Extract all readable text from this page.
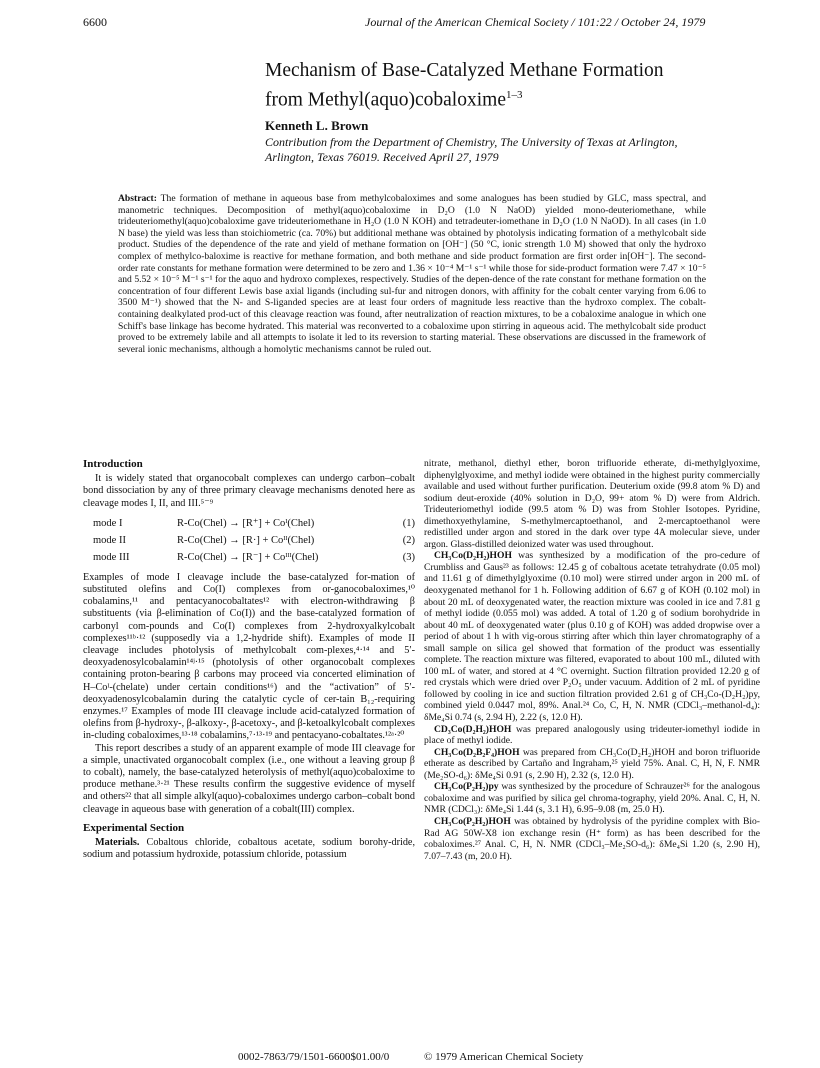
6600	Journal of the American Chemical Society / 101:22 / October 24, 1979
Mechanism of Base-Catalyzed Methane Formation
from Methyl(aquo)cobaloxime$^{1-3}$
Kenneth L. Brown
Contribution from the Department of Chemistry, The University of Texas at Arlington,
Arlington, Texas 76019. Received April 27, 1979
Abstract: The formation of methane in aqueous base from methylcobaloximes and some analogues has been studied by GLC, mass spectral, and manometric techniques. Decomposition of methyl(aquo)cobaloxime in D₂O (1.0 N NaOD) yielded mono-deuteriomethane, while trideuteriomethyl(aquo)cobaloxime gave trideuteriomethane in H₂O (1.0 N KOH) and tetradeuter-iomethane in D₂O (1.0 N NaOD). In all cases (in 1.0 N base) the yield was less than stoichiometric (ca. 70%) but additional methane was obtained by photolysis indicating formation of a methylcobalt side product. Studies of the dependence of the rate and yield of methane formation on [OH⁻] (50 °C, ionic strength 1.0 M) showed that only the hydroxo complex of methylco-baloxime is reactive for methane formation, and both methane and side product formation are first order in[OH⁻]. The second-order rate constants for methane formation were determined to be zero and 1.36 × 10⁻⁴ M⁻¹ s⁻¹ while those for side-product formation were 7.47 × 10⁻⁵ and 5.52 × 10⁻⁵ M⁻¹ s⁻¹ for the aquo and hydroxo complexes, respectively. Studies of the depen-dence of the rate constant for methane formation on the concentration of four different Lewis base axial ligands (including sul-fur and nitrogen donors, with affinity for the cobalt center varying from 6.06 to 3500 M⁻¹) showed that the N- and S-liganded species are at least four orders of magnitude less reactive than the hydroxo complex. The cobalt-containing dealkylated prod-uct of this cleavage reaction was found, after neutralization of reaction mixtures, to be a cobaloxime analogue in which one Schiff's base linkage has become hydrated. This material was reconverted to a cobaloxime upon stirring in aqueous acid. The methylcobalt side product proved to be extremely labile and all attempts to isolate it led to its reversion to starting material. These observations are discussed in the framework of several ionic mechanisms, although a homolytic mechanisms cannot be ruled out.
Introduction

It is widely stated that organocobalt complexes can undergo carbon–cobalt bond dissociation by any of three primary cleavage mechanisms denoted here as cleavage modes I, II, and III.⁵⁻⁹

mode I	R-Co(Chel) → [R⁺] + Coᴵ(Chel)	(1)
mode II	R-Co(Chel) → [R·] + Coᴵᴵ(Chel)	(2)
mode III	R-Co(Chel) → [R⁻] + Coᴵᴵᴵ(Chel)	(3)

Examples of mode I cleavage include the base-catalyzed for-mation of substituted olefins and Co(I) complexes from or-ganocobaloximes,¹⁰ cobalamins,¹¹ and pentacyanocobaltates¹² with electron-withdrawing β substituents (via β-elimination of Co(I)) and the base-catalyzed formation of carbonyl com-pounds and Co(I) complexes from 2-hydroxyalkylcobalt complexes¹¹ᵇ·¹² (supposedly via a 1,2-hydride shift). Examples of mode II cleavage includes photolysis of methylcobalt com-plexes,⁴·¹⁴ and 5′-deoxyadenosylcobalamin¹⁴ʲ·¹⁵ (photolysis of other organocobalt complexes containing proton-bearing β carbons may proceed via concerted elimination of H–Coᴵ-(chelate) under certain conditions¹⁶) and the “activation” of 5′-deoxyadenosylcobalamin during the catalytic cycle of cer-tain B₁₂-requiring enzymes.¹⁷ Examples of mode III cleavage include acid-catalyzed formation of olefins from β-hydroxy-, β-alkoxy-, β-acetoxy-, and β-ketoalkylcobalt complexes in-cluding cobaloximes,¹³·¹⁸ cobalamins,⁷·¹³·¹⁹ and pentacyano-cobaltates.¹²ᵃ·²⁰

This report describes a study of an apparent example of mode III cleavage for a simple, unactivated organocobalt complex (i.e., one without a leaving group β to cobalt), namely, the base-catalyzed heterolysis of methyl(aquo)cobaloxime to produce methane.³·²¹ These results confirm the suggestive evidence of myself and others²² that all simple alkyl(aquo)-cobaloximes undergo carbon–cobalt bond cleavage in aqueous base with generation of a cobalt(III) complex.

Experimental Section

Materials. Cobaltous chloride, cobaltous acetate, sodium borohy-dride, sodium and potassium hydroxide, potassium chloride, potassium

nitrate, methanol, diethyl ether, boron trifluoride etherate, di-methylglyoxime, diphenylglyoxime, and methyl iodide were obtained in the highest purity commercially available and used without further purification. Deuterium oxide (99.8 atom % D) and sodium deut-eroxide (40% solution in D₂O, 99+ atom % D) were from Aldrich. Trideuteriomethyl iodide (99.5 atom % D) was from Stohler Isotopes. Pyridine, dimethoxyethylamine, S-methylmercaptoethanol, and 2-mercaptoethanol were redistilled under argon and stored in the dark over type 4A molecular sieve, under argon. Glass-distilled deionized water was used throughout.

CH₃Co(D₂H₂)HOH was synthesized by a modification of the pro-cedure of Crumbliss and Gaus²³ as follows: 12.45 g of cobaltous acetate tetrahydrate (0.05 mol) and 11.61 g of dimethylglyoxime (0.10 mol) were stirred under argon in 200 mL of deoxygenated methanol for 1 h. Following addition of 6.67 g of KOH (0.102 mol) in about 20 mL of deoxygenated water, the reaction mixture was cooled in ice and 7.81 g of methyl iodide (0.055 mol) was added. A total of 1.20 g of sodium borohydride in about 40 mL of deoxygenated water (plus 0.10 g of KOH) was added dropwise over a period of about 1 h with vig-orous stirring after which thin layer chromatography of a small sample on silica gel showed that formation of the product was essentially complete. The reaction mixture was filtered, evaporated to about 100 mL, diluted with 100 mL of water, and stored at 4 °C overnight. Suction filtration provided 12.20 g of red crystals which were dried over P₂O₅ under vacuum. Addition of 2 mL of pyridine followed by cooling in ice and suction filtration provided 2.61 g of CH₃Co-(D₂H₂)py, combined yield 0.0447 mol, 89%. Anal.²⁴ Co, C, H, N. NMR (CDCl₃–methanol-d₄): δMe₄Si 0.74 (s, 2.94 H), 2.22 (s, 12.0 H).

CD₃Co(D₂H₂)HOH was prepared analogously using trideuter-iomethyl iodide in place of methyl iodide.

CH₃Co(D₂B₂F₄)HOH was prepared from CH₃Co(D₂H₂)HOH and boron trifluoride etherate as described by Cartaño and Ingraham,²⁵ yield 75%. Anal. C, H, N, F. NMR (Me₂SO-d₆): δMe₄Si 0.91 (s, 2.90 H), 2.32 (s, 12.0 H).

CH₃Co(P₂H₂)py was synthesized by the procedure of Schrauzer²⁶ for the analogous cobaloxime and was purified by silica gel chroma-tography, yield 20%. Anal. C, H, N. NMR (CDCl₃): δMe₄Si 1.44 (s, 3.1 H), 6.95–9.08 (m, 25.0 H).

CH₃Co(P₂H₂)HOH was obtained by hydrolysis of the pyridine complex with Bio-Rad AG 50W-X8 ion exchange resin (H⁺ form) as has been described for the cobaloximes.²⁷ Anal. C, H, N. NMR (CDCl₃–Me₂SO-d₆): δMe₄Si 1.20 (s, 2.90 H), 7.07–7.43 (m, 20.0 H).

0002-7863/79/1501-6600$01.00/0	© 1979 American Chemical Society
